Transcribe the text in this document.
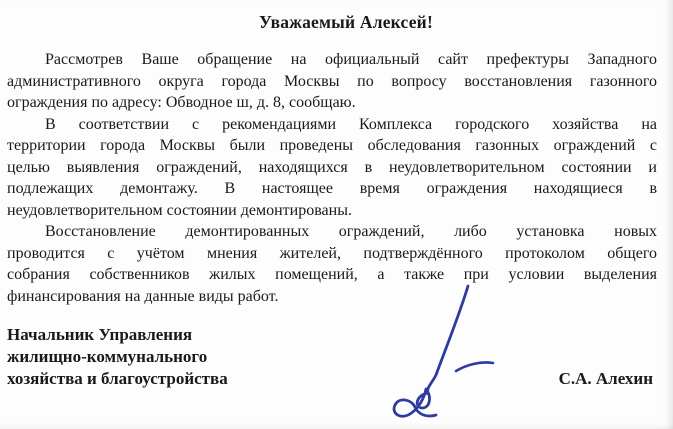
Уважаемый Алексей!
Рассмотрев Ваше обращение на официальный сайт префектуры Западного
административного округа города Москвы по вопросу восстановления газонного
ограждения по адресу: Обводное ш, д. 8, сообщаю.
В соответствии с рекомендациями Комплекса городского хозяйства на
территории города Москвы были проведены обследования газонных ограждений с
целью выявления ограждений, находящихся в неудовлетворительном состоянии и
подлежащих демонтажу. В настоящее время ограждения находящиеся в
неудовлетворительном состоянии демонтированы.
Восстановление демонтированных ограждений, либо установка новых
проводится с учётом мнения жителей, подтверждённого протоколом общего
собрания собственников жилых помещений, а также при условии выделения
финансирования на данные виды работ.
Начальник Управления
жилищно-коммунального
хозяйства и благоустройства	С.А. Алехин
